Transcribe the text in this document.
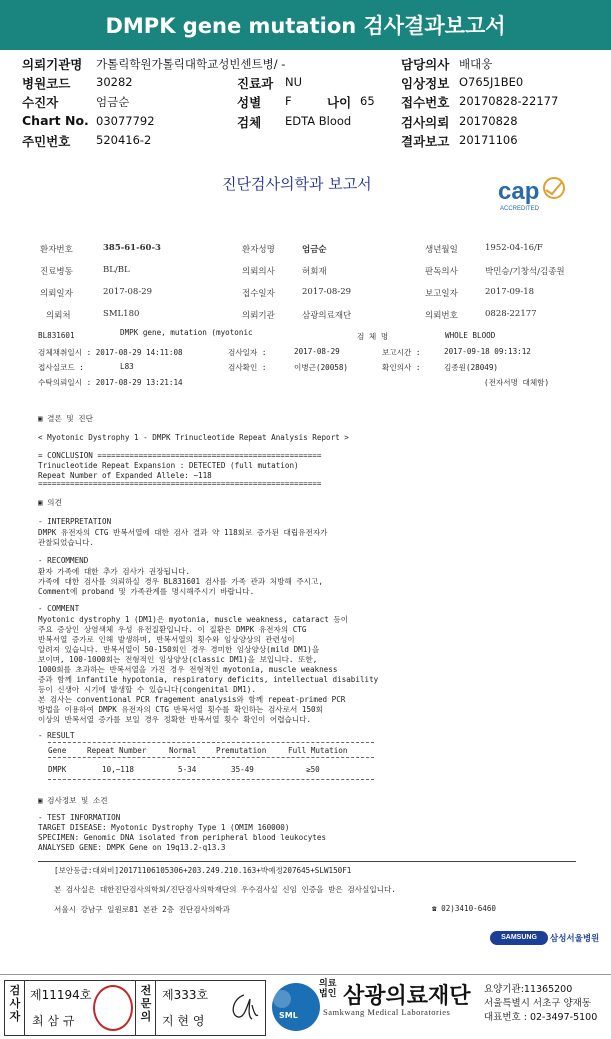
DMPK gene mutation 검사결과보고서
의뢰기관명 가톨릭학원가톨릭대학교성빈센트병/ -	담당의사 배대웅
병원코드 30282	진료과 NU	임상정보 O765J1BE0
수진자	엄금순	성별 F	나이 65 접수번호 20170828-22177
Chart No. 03077792	검체 EDTA Blood	검사의뢰 20170828
주민번호 520416-2	결과보고 20171106
진단검사의학과 보고서	cap
ACCREDITED
환자번호	385-61-60-3	환자성명	엄금순	생년월일	1952-04-16/F
진료병동	BL/BL	의뢰의사	허회재	판독의사	박민승/기창석/김종원
의뢰일자	2017-08-29	접수일자	2017-08-29	보고일자	2017-09-18
의뢰처	SML180	의뢰기관	삼광의료재단	의뢰번호	0828-22177
BL831601	DMPK gene, mutation (myotonic	검 체 명	WHOLE BLOOD
검체채취일시 : 2017-08-29 14:11:08	검사일자 :	2017-08-29	보고시간 :	2017-09-18 09:13:12
접사실코드 :	L83	검사확인 :	이병근(20058)	확인의사 :	김종원(28049)
수탁의뢰일시 : 2017-08-29 13:21:14	(전자서명 대체함)
▣ 결론 및 진단
< Myotonic Dystrophy 1 - DMPK Trinucleotide Repeat Analysis Report >
= CONCLUSION =================================================
Trinucleotide Repeat Expansion : DETECTED (full mutation)
Repeat Number of Expanded Allele: ~118
==============================================================
▣ 의견
- INTERPRETATION
DMPK 유전자의 CTG 반복서열에 대한 검사 결과 약 118회로 증가된 대립유전자가
관찰되었습니다.
- RECOMMEND
환자 가족에 대한 추가 검사가 권장됩니다.
가족에 대한 검사를 의뢰하실 경우 BL831601 검사를 가족 관과 처방해 주시고,
Comment에 proband 및 가족관계를 명시해주시기 바랍니다.
- COMMENT
Myotonic dystrophy 1 (DM1)은 myotonia, muscle weakness, cataract 등이
주요 증상인 상염색체 우성 유전질환입니다. 이 질환은 DMPK 유전자의 CTG
반복서열 증가로 인해 발생하며, 반복서열의 횟수와 임상양상의 관련성이
알려져 있습니다. 반복서열이 50-150회인 경우 경미한 임상양상(mild DM1)을
보이며, 100-1000회는 전형적인 임상양상(classic DM1)을 보입니다. 또한,
1000회를 초과하는 반복서열을 가진 경우 전형적인 myotonia, muscle weakness
증과 함께 infantile hypotonia, respiratory deficits, intellectual disability
등이 신생아 시기에 발생할 수 있습니다(congenital DM1).
본 검사는 conventional PCR fragement analysis와 함께 repeat-primed PCR
방법을 이용하여 DMPK 유전자의 CTG 반복서열 횟수를 확인하는 검사로서 150회
이상의 반복서열 증가를 보일 경우 정확한 반복서열 횟수 확인이 어렵습니다.
- RESULT
Gene	Repeat Number	Normal	Premutation	Full Mutation
DMPK	10,~118	5-34	35-49	≥50
▣ 검사정보 및 소견
- TEST INFORMATION
TARGET DISEASE: Myotonic Dystrophy Type 1 (OMIM 160000)
SPECIMEN: Genomic DNA isolated from peripheral blood leukocytes
ANALYSED GENE: DMPK Gene on 19q13.2-q13.3
[보안등급:대외비]20171106105306+203.249.210.163+박예정207645+SLW150F1
본 검사실은 대한진단검사의학회/진단검사의학재단의 우수검사실 신임 인증을 받은 검사실입니다.
서울시 강남구 일원로81 본관 2층 진단검사의학과	☎ 02)3410-6460
SAMSUNG	삼성서울병원
검
사
자
제11194호
최 삼 규
전
문
의
제333호
지 현 영	SML
의료법인 삼광의료재단
Samkwang Medical Laboratories
요양기관:11365200
서울특별시 서초구 양재동
대표번호 : 02-3497-5100
